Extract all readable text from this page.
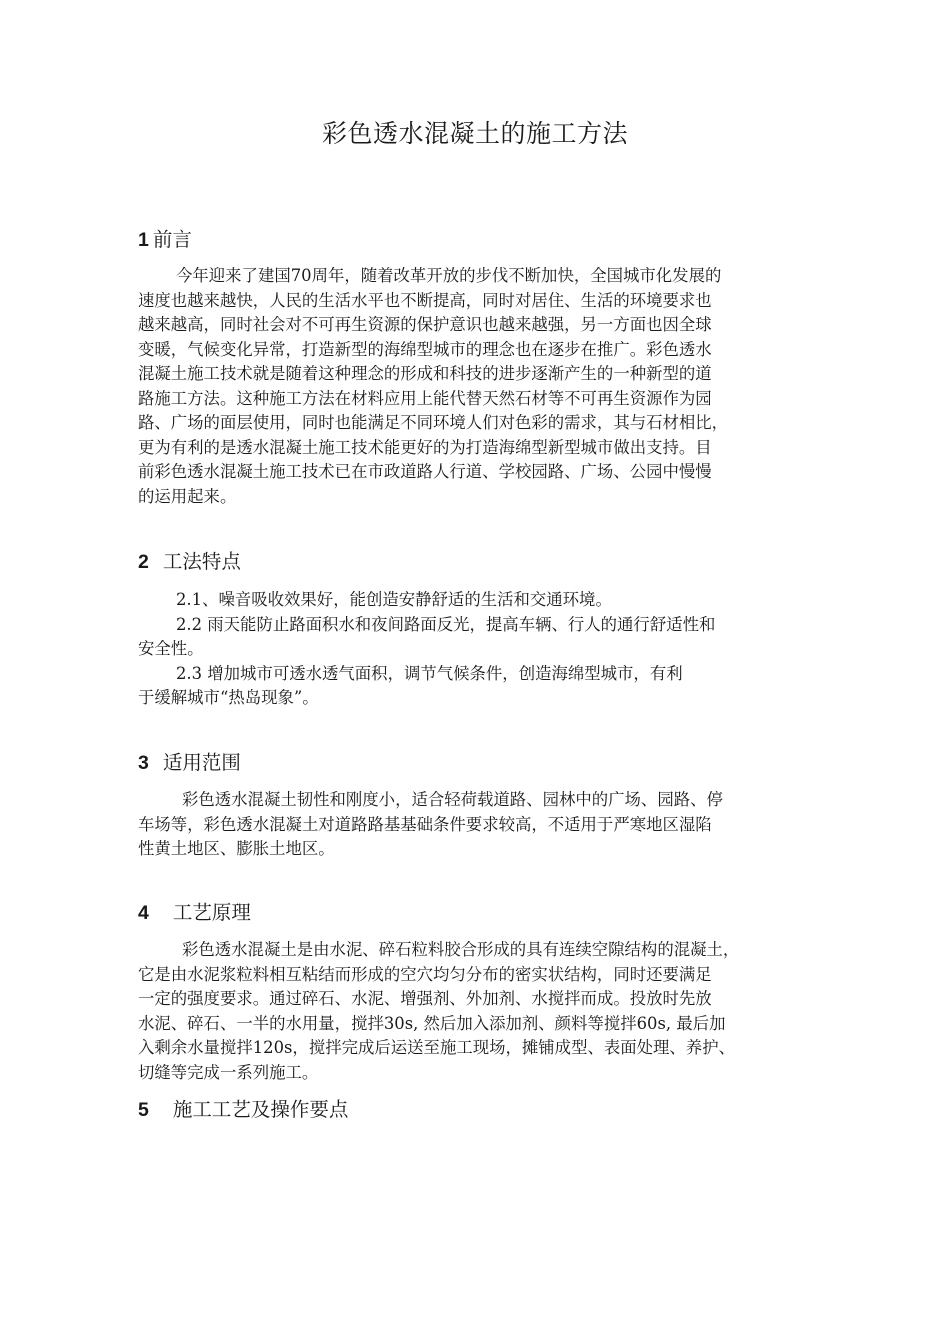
彩色透水混凝土的施工方法
1 前言
今年迎来了建国70周年，随着改革开放的步伐不断加快，全国城市化发展的
速度也越来越快，人民的生活水平也不断提高，同时对居住、生活的环境要求也
越来越高，同时社会对不可再生资源的保护意识也越来越强，另一方面也因全球
变暖，气候变化异常，打造新型的海绵型城市的理念也在逐步在推广。彩色透水
混凝土施工技术就是随着这种理念的形成和科技的进步逐渐产生的一种新型的道
路施工方法。这种施工方法在材料应用上能代替天然石材等不可再生资源作为园
路、广场的面层使用，同时也能满足不同环境人们对色彩的需求，其与石材相比，
更为有利的是透水混凝土施工技术能更好的为打造海绵型新型城市做出支持。目
前彩色透水混凝土施工技术已在市政道路人行道、学校园路、广场、公园中慢慢
的运用起来。
2 工法特点
2.1、噪音吸收效果好，能创造安静舒适的生活和交通环境。
2.2 雨天能防止路面积水和夜间路面反光，提高车辆、行人的通行舒适性和
安全性。
2.3 增加城市可透水透气面积，调节气候条件，创造海绵型城市，有利
于缓解城市“热岛现象”。
3 适用范围
彩色透水混凝土韧性和刚度小，适合轻荷载道路、园林中的广场、园路、停
车场等，彩色透水混凝土对道路路基基础条件要求较高，不适用于严寒地区湿陷
性黄土地区、膨胀土地区。
4 工艺原理
彩色透水混凝土是由水泥、碎石粒料胶合形成的具有连续空隙结构的混凝土，
它是由水泥浆粒料相互粘结而形成的空穴均匀分布的密实状结构，同时还要满足
一定的强度要求。通过碎石、水泥、增强剂、外加剂、水搅拌而成。投放时先放
水泥、碎石、一半的水用量，搅拌30s, 然后加入添加剂、颜料等搅拌60s, 最后加
入剩余水量搅拌120s，搅拌完成后运送至施工现场，摊铺成型、表面处理、养护、
切缝等完成一系列施工。
5 施工工艺及操作要点
